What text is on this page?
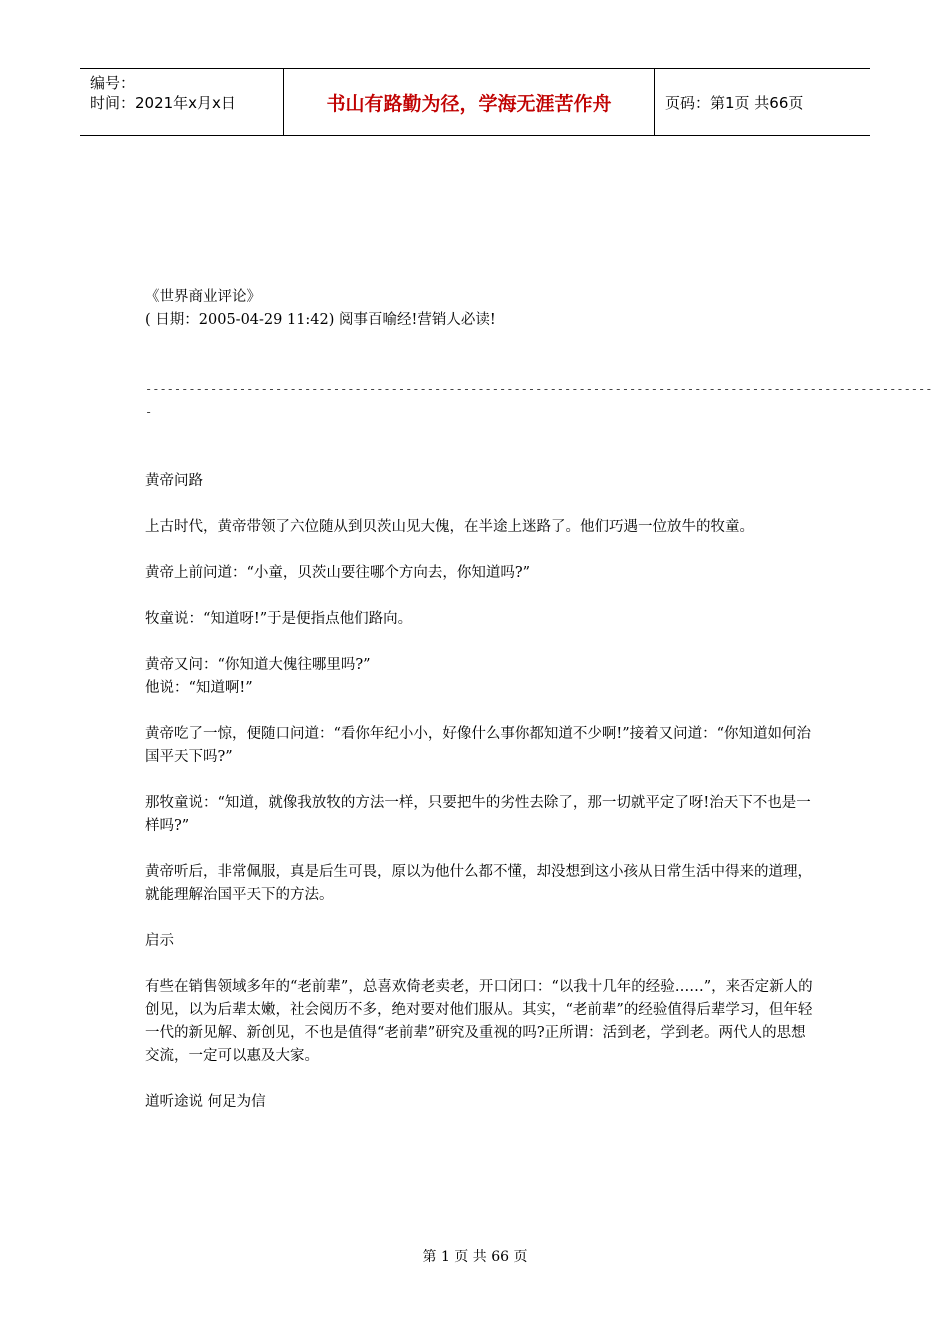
编号：
时间：2021年x月x日	书山有路勤为径，学海无涯苦作舟	页码：第1页 共66页

《世界商业评论》

( 日期：2005-04-29 11:42) 阅事百喻经!营销人必读!

-------------------------------------------------------------------------------------------------------------

-

黄帝问路

上古时代，黄帝带领了六位随从到贝茨山见大傀，在半途上迷路了。他们巧遇一位放牛的牧童。

黄帝上前问道：“小童，贝茨山要往哪个方向去，你知道吗?”

牧童说：“知道呀!”于是便指点他们路向。

黄帝又问：“你知道大傀往哪里吗?”

他说：“知道啊!”

黄帝吃了一惊，便随口问道：“看你年纪小小，好像什么事你都知道不少啊!”接着又问道：“你知道如何治国平天下吗?”

那牧童说：“知道，就像我放牧的方法一样，只要把牛的劣性去除了，那一切就平定了呀!治天下不也是一样吗?”

黄帝听后，非常佩服，真是后生可畏，原以为他什么都不懂，却没想到这小孩从日常生活中得来的道理，就能理解治国平天下的方法。

启示

有些在销售领域多年的“老前辈”，总喜欢倚老卖老，开口闭口：“以我十几年的经验……”，来否定新人的创见，以为后辈太嫩，社会阅历不多，绝对要对他们服从。其实，“老前辈”的经验值得后辈学习，但年轻一代的新见解、新创见，不也是值得“老前辈”研究及重视的吗?正所谓：活到老，学到老。两代人的思想交流，一定可以惠及大家。

道听途说 何足为信

第 1 页 共 66 页
